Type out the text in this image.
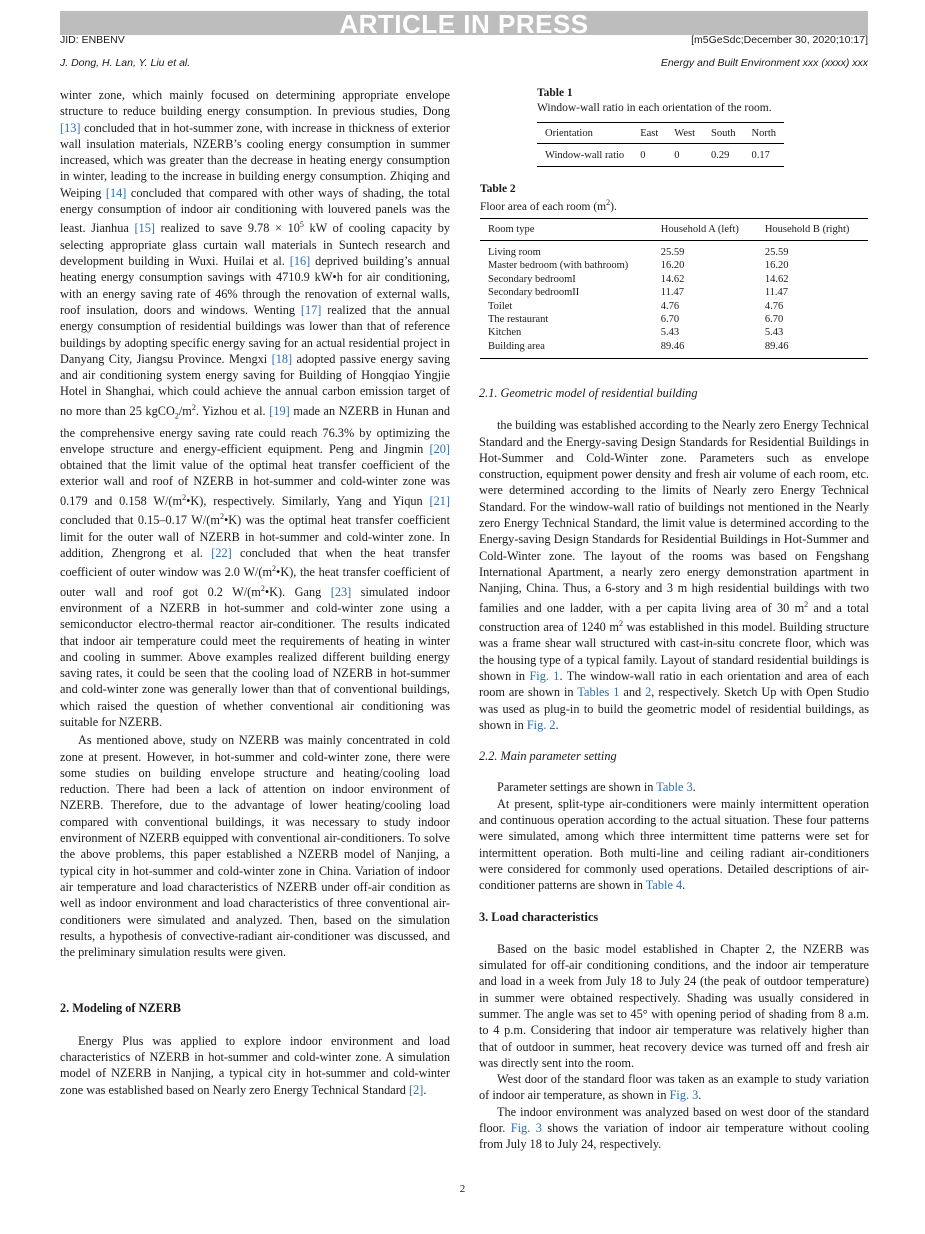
ARTICLE IN PRESS
JID: ENBENV	[m5GeSdc;December 30, 2020;10:17]
J. Dong, H. Lan, Y. Liu et al.	Energy and Built Environment xxx (xxxx) xxx

winter zone, which mainly focused on determining appropriate envelope structure to reduce building energy consumption. In previous studies, Dong [13] concluded that in hot-summer zone, with increase in thickness of exterior wall insulation materials, NZERB’s cooling energy consumption in summer increased, which was greater than the decrease in heating energy consumption in winter, leading to the increase in building energy consumption. Zhiqing and Weiping [14] concluded that compared with other ways of shading, the total energy consumption of indoor air conditioning with louvered panels was the least. Jianhua [15] realized to save $9.78 \times 10^5$ kW of cooling capacity by selecting appropriate glass curtain wall materials in Suntech research and development building in Wuxi. Huilai et al. [16] deprived building’s annual heating energy consumption savings with 4710.9 kW•h for air conditioning, with an energy saving rate of 46% through the renovation of external walls, roof insulation, doors and windows. Wenting [17] realized that the annual energy consumption of residential buildings was lower than that of reference buildings by adopting specific energy saving for an actual residential project in Danyang City, Jiangsu Province. Mengxi [18] adopted passive energy saving and air conditioning system energy saving for Building of Hongqiao Yingjie Hotel in Shanghai, which could achieve the annual carbon emission target of no more than 25 $kgCO_2/m^2$. Yizhou et al. [19] made an NZERB in Hunan and the comprehensive energy saving rate could reach 76.3% by optimizing the envelope structure and energy-efficient equipment. Peng and Jingmin [20] obtained that the limit value of the optimal heat transfer coefficient of the exterior wall and roof of NZERB in hot-summer and cold-winter zone was 0.179 and 0.158 $W/(m^2•K)$, respectively. Similarly, Yang and Yiqun [21] concluded that 0.15–0.17 $W/(m^2•K)$ was the optimal heat transfer coefficient limit for the outer wall of NZERB in hot-summer and cold-winter zone. In addition, Zhengrong et al. [22] concluded that when the heat transfer coefficient of outer window was 2.0 $W/(m^2•K)$, the heat transfer coefficient of outer wall and roof got 0.2 $W/(m^2•K)$. Gang [23] simulated indoor environment of a NZERB in hot-summer and cold-winter zone using a semiconductor electro-thermal reactor air-conditioner. The results indicated that indoor air temperature could meet the requirements of heating in winter and cooling in summer. Above examples realized different building energy saving rates, it could be seen that the cooling load of NZERB in hot-summer and cold-winter zone was generally lower than that of conventional buildings, which raised the question of whether conventional air conditioning was suitable for NZERB.

As mentioned above, study on NZERB was mainly concentrated in cold zone at present. However, in hot-summer and cold-winter zone, there were some studies on building envelope structure and heating/cooling load reduction. There had been a lack of attention on indoor environment of NZERB. Therefore, due to the advantage of lower heating/cooling load compared with conventional buildings, it was necessary to study indoor environment of NZERB equipped with conventional air-conditioners. To solve the above problems, this paper established a NZERB model of Nanjing, a typical city in hot-summer and cold-winter zone in China. Variation of indoor air temperature and load characteristics of NZERB under off-air condition as well as indoor environment and load characteristics of three conventional air-conditioners were simulated and analyzed. Then, based on the simulation results, a hypothesis of convective-radiant air-conditioner was discussed, and the preliminary simulation results were given.

2. Modeling of NZERB

Energy Plus was applied to explore indoor environment and load characteristics of NZERB in hot-summer and cold-winter zone. A simulation model of NZERB in Nanjing, a typical city in hot-summer and cold-winter zone was established based on Nearly zero Energy Technical Standard [2].

Table 1
Window-wall ratio in each orientation of the room.
Orientation	East	West	South	North
Window-wall ratio	0	0	0.29	0.17
Table 2
Floor area of each room $(m^2)$.
Room type	Household A (left)	Household B (right)
Living room	25.59	25.59
Master bedroom (with bathroom)	16.20	16.20
Secondary bedroomI	14.62	14.62
Secondary bedroomII	11.47	11.47
Toilet	4.76	4.76
The restaurant	6.70	6.70
Kitchen	5.43	5.43
Building area	89.46	89.46

2.1. Geometric model of residential building

the building was established according to the Nearly zero Energy Technical Standard and the Energy-saving Design Standards for Residential Buildings in Hot-Summer and Cold-Winter zone. Parameters such as envelope construction, equipment power density and fresh air volume of each room, etc. were determined according to the limits of Nearly zero Energy Technical Standard. For the window-wall ratio of buildings not mentioned in the Nearly zero Energy Technical Standard, the limit value is determined according to the Energy-saving Design Standards for Residential Buildings in Hot-Summer and Cold-Winter zone. The layout of the rooms was based on Fengshang International Apartment, a nearly zero energy demonstration apartment in Nanjing, China. Thus, a 6-story and 3 m high residential buildings with two families and one ladder, with a per capita living area of 30 $m^2$ and a total construction area of 1240 $m^2$ was established in this model. Building structure was a frame shear wall structured with cast-in-situ concrete floor, which was the housing type of a typical family. Layout of standard residential buildings is shown in Fig. 1. The window-wall ratio in each orientation and area of each room are shown in Tables 1 and 2, respectively. Sketch Up with Open Studio was used as plug-in to build the geometric model of residential buildings, as shown in Fig. 2.

2.2. Main parameter setting

Parameter settings are shown in Table 3.

At present, split-type air-conditioners were mainly intermittent operation and continuous operation according to the actual situation. These four patterns were simulated, among which three intermittent time patterns were set for intermittent operation. Both multi-line and ceiling radiant air-conditioners were considered for commonly used operations. Detailed descriptions of air-conditioner patterns are shown in Table 4.

3. Load characteristics

Based on the basic model established in Chapter 2, the NZERB was simulated for off-air conditioning conditions, and the indoor air temperature and load in a week from July 18 to July 24 (the peak of outdoor temperature) in summer were obtained respectively. Shading was usually considered in summer. The angle was set to 45° with opening period of shading from 8 a.m. to 4 p.m. Considering that indoor air temperature was relatively higher than that of outdoor in summer, heat recovery device was turned off and fresh air was directly sent into the room.

West door of the standard floor was taken as an example to study variation of indoor air temperature, as shown in Fig. 3.

The indoor environment was analyzed based on west door of the standard floor. Fig. 3 shows the variation of indoor air temperature without cooling from July 18 to July 24, respectively.

2
